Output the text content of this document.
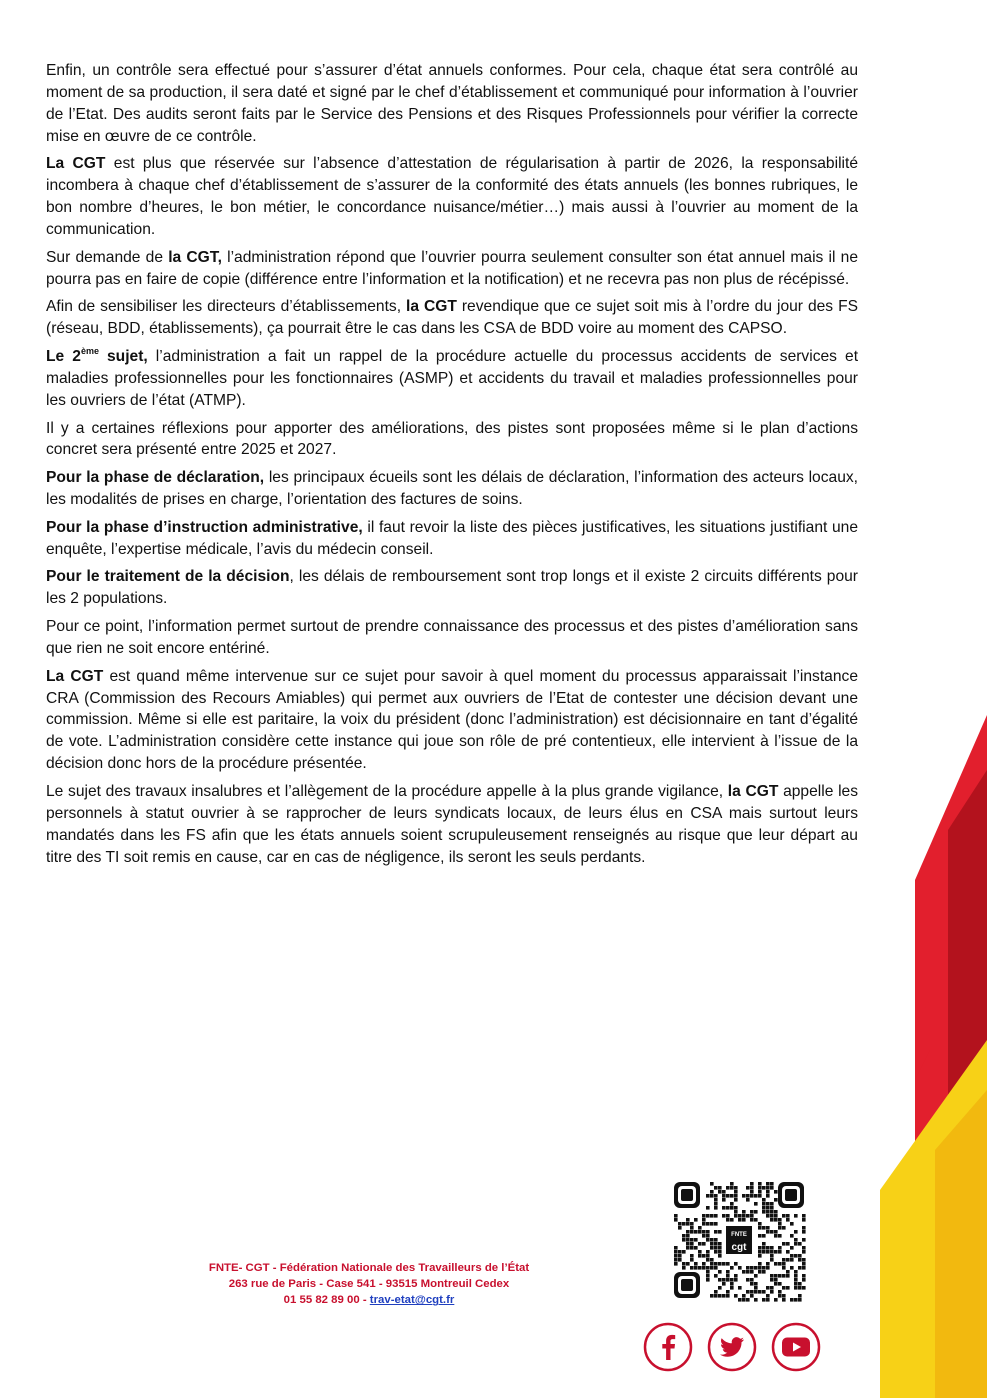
Enfin, un contrôle sera effectué pour s’assurer d’état annuels conformes. Pour cela, chaque état sera contrôlé au moment de sa production, il sera daté et signé par le chef d’établissement et communiqué pour information à l’ouvrier de l’Etat. Des audits seront faits par le Service des Pensions et des Risques Professionnels pour vérifier la correcte mise en œuvre de ce contrôle.

La CGT est plus que réservée sur l’absence d’attestation de régularisation à partir de 2026, la responsabilité incombera à chaque chef d’établissement de s’assurer de la conformité des états annuels (les bonnes rubriques, le bon nombre d’heures, le bon métier, le concordance nuisance/métier…) mais aussi à l’ouvrier au moment de la communication.

Sur demande de la CGT, l’administration répond que l’ouvrier pourra seulement consulter son état annuel mais il ne pourra pas en faire de copie (différence entre l’information et la notification) et ne recevra pas non plus de récépissé.

Afin de sensibiliser les directeurs d’établissements, la CGT revendique que ce sujet soit mis à l’ordre du jour des FS (réseau, BDD, établissements), ça pourrait être le cas dans les CSA de BDD voire au moment des CAPSO.

Le 2ème sujet, l’administration a fait un rappel de la procédure actuelle du processus accidents de services et maladies professionnelles pour les fonctionnaires (ASMP) et accidents du travail et maladies professionnelles pour les ouvriers de l’état (ATMP).

Il y a certaines réflexions pour apporter des améliorations, des pistes sont proposées même si le plan d’actions concret sera présenté entre 2025 et 2027.

Pour la phase de déclaration, les principaux écueils sont les délais de déclaration, l’information des acteurs locaux, les modalités de prises en charge, l’orientation des factures de soins.

Pour la phase d’instruction administrative, il faut revoir la liste des pièces justificatives, les situations justifiant une enquête, l’expertise médicale, l’avis du médecin conseil.

Pour le traitement de la décision, les délais de remboursement sont trop longs et il existe 2 circuits différents pour les 2 populations.

Pour ce point, l’information permet surtout de prendre connaissance des processus et des pistes d’amélioration sans que rien ne soit encore entériné.

La CGT est quand même intervenue sur ce sujet pour savoir à quel moment du processus apparaissait l’instance CRA (Commission des Recours Amiables) qui permet aux ouvriers de l’Etat de contester une décision devant une commission. Même si elle est paritaire, la voix du président (donc l’administration) est décisionnaire en tant d’égalité de vote. L’administration considère cette instance qui joue son rôle de pré contentieux, elle intervient à l’issue de la décision donc hors de la procédure présentée.

Le sujet des travaux insalubres et l’allègement de la procédure appelle à la plus grande vigilance, la CGT appelle les personnels à statut ouvrier à se rapprocher de leurs syndicats locaux, de leurs élus en CSA mais surtout leurs mandatés dans les FS afin que les états annuels soient scrupuleusement renseignés au risque que leur départ au titre des TI soit remis en cause, car en cas de négligence, ils seront les seuls perdants.

FNTE- CGT - Fédération Nationale des Travailleurs de l’État
263 rue de Paris - Case 541 - 93515 Montreuil Cedex
01 55 82 89 00 - trav-etat@cgt.fr
FNTE
cgt
